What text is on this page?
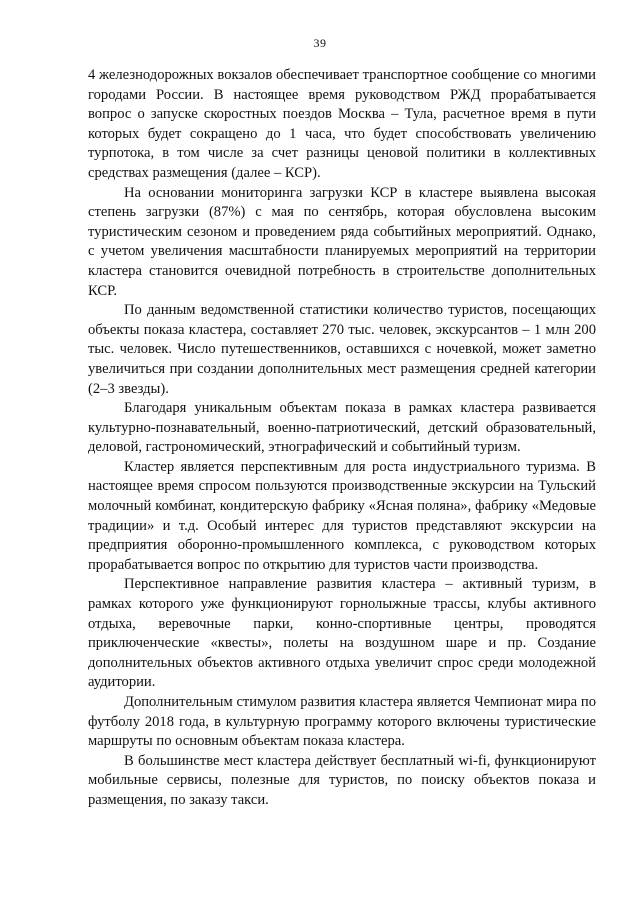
39

4 железнодорожных вокзалов обеспечивает транспортное сообщение со многими городами России. В настоящее время руководством РЖД прорабатывается вопрос о запуске скоростных поездов Москва – Тула, расчетное время в пути которых будет сокращено до 1 часа, что будет способствовать увеличению турпотока, в том числе за счет разницы ценовой политики в коллективных средствах размещения (далее – КСР).

На основании мониторинга загрузки КСР в кластере выявлена высокая степень загрузки (87%) с мая по сентябрь, которая обусловлена высоким туристическим сезоном и проведением ряда событийных мероприятий. Однако, с учетом увеличения масштабности планируемых мероприятий на территории кластера становится очевидной потребность в строительстве дополнительных КСР.

По данным ведомственной статистики количество туристов, посещающих объекты показа кластера, составляет 270 тыс. человек, экскурсантов – 1 млн 200 тыс. человек. Число путешественников, оставшихся с ночевкой, может заметно увеличиться при создании дополнительных мест размещения средней категории (2–3 звезды).

Благодаря уникальным объектам показа в рамках кластера развивается культурно-познавательный, военно-патриотический, детский образовательный, деловой, гастрономический, этнографический и событийный туризм.

Кластер является перспективным для роста индустриального туризма. В настоящее время спросом пользуются производственные экскурсии на Тульский молочный комбинат, кондитерскую фабрику «Ясная поляна», фабрику «Медовые традиции» и т.д. Особый интерес для туристов представляют экскурсии на предприятия оборонно-промышленного комплекса, с руководством которых прорабатывается вопрос по открытию для туристов части производства.

Перспективное направление развития кластера – активный туризм, в рамках которого уже функционируют горнолыжные трассы, клубы активного отдыха, веревочные парки, конно-спортивные центры, проводятся приключенческие «квесты», полеты на воздушном шаре и пр. Создание дополнительных объектов активного отдыха увеличит спрос среди молодежной аудитории.

Дополнительным стимулом развития кластера является Чемпионат мира по футболу 2018 года, в культурную программу которого включены туристические маршруты по основным объектам показа кластера.

В большинстве мест кластера действует бесплатный wi-fi, функционируют мобильные сервисы, полезные для туристов, по поиску объектов показа и размещения, по заказу такси.
